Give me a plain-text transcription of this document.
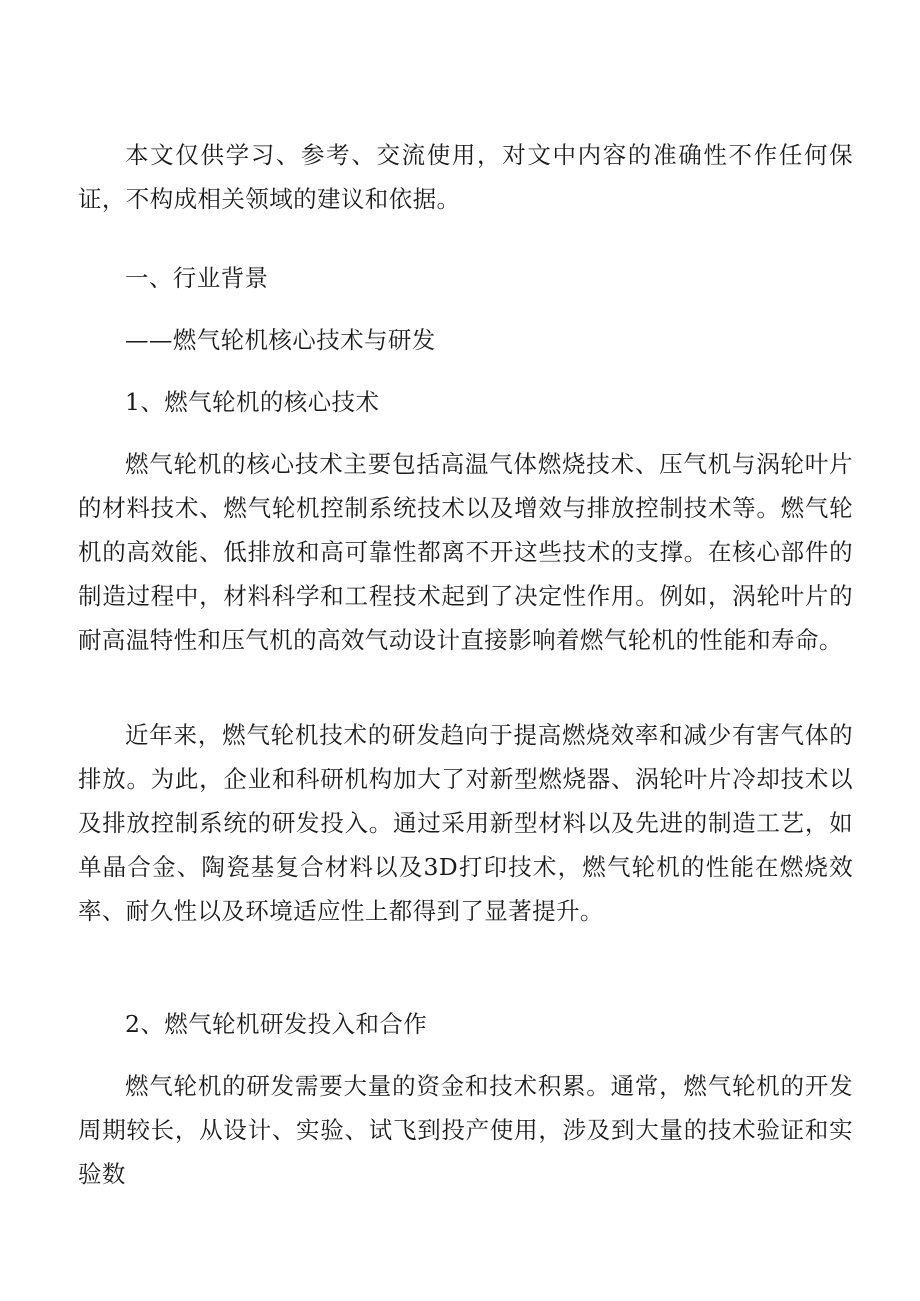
本文仅供学习、参考、交流使用，对文中内容的准确性不作任何保证，不构成相关领域的建议和依据。

一、行业背景
——燃气轮机核心技术与研发
1、燃气轮机的核心技术

燃气轮机的核心技术主要包括高温气体燃烧技术、压气机与涡轮叶片的材料技术、燃气轮机控制系统技术以及增效与排放控制技术等。燃气轮机的高效能、低排放和高可靠性都离不开这些技术的支撑。在核心部件的制造过程中，材料科学和工程技术起到了决定性作用。例如，涡轮叶片的耐高温特性和压气机的高效气动设计直接影响着燃气轮机的性能和寿命。

近年来，燃气轮机技术的研发趋向于提高燃烧效率和减少有害气体的排放。为此，企业和科研机构加大了对新型燃烧器、涡轮叶片冷却技术以及排放控制系统的研发投入。通过采用新型材料以及先进的制造工艺，如单晶合金、陶瓷基复合材料以及3D打印技术，燃气轮机的性能在燃烧效率、耐久性以及环境适应性上都得到了显著提升。

2、燃气轮机研发投入和合作

燃气轮机的研发需要大量的资金和技术积累。通常，燃气轮机的开发周期较长，从设计、实验、试飞到投产使用，涉及到大量的技术验证和实验数
